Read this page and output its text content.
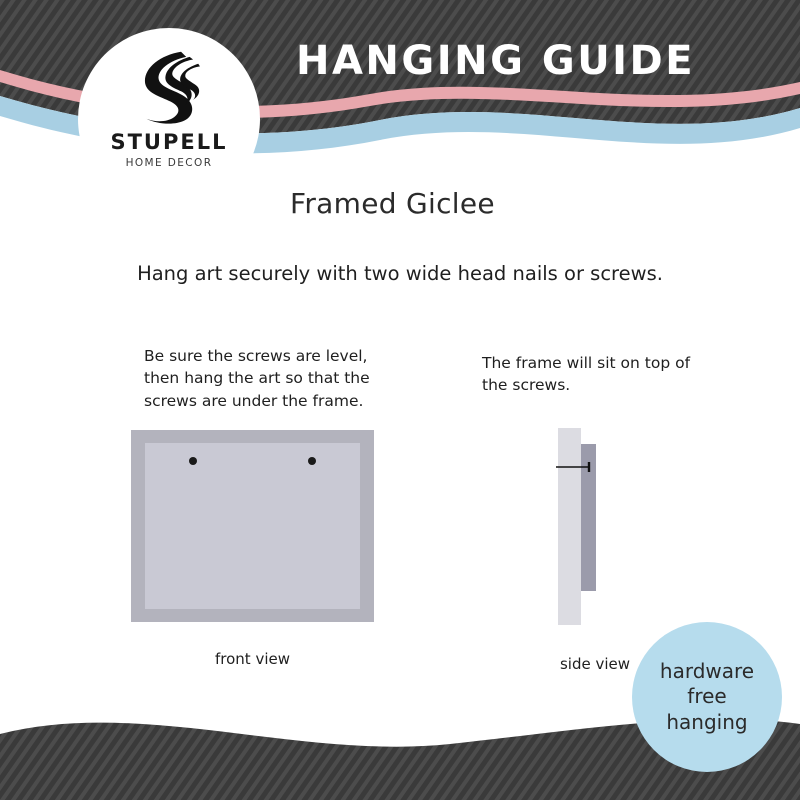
STUPELL
HOME DECOR
HANGING GUIDE
Framed Giclee
Hang art securely with two wide head nails or screws.
Be sure the screws are level, then hang the art so that the screws are under the frame.
front view
The frame will sit on top of the screws.
side view	hardware
free
hanging
